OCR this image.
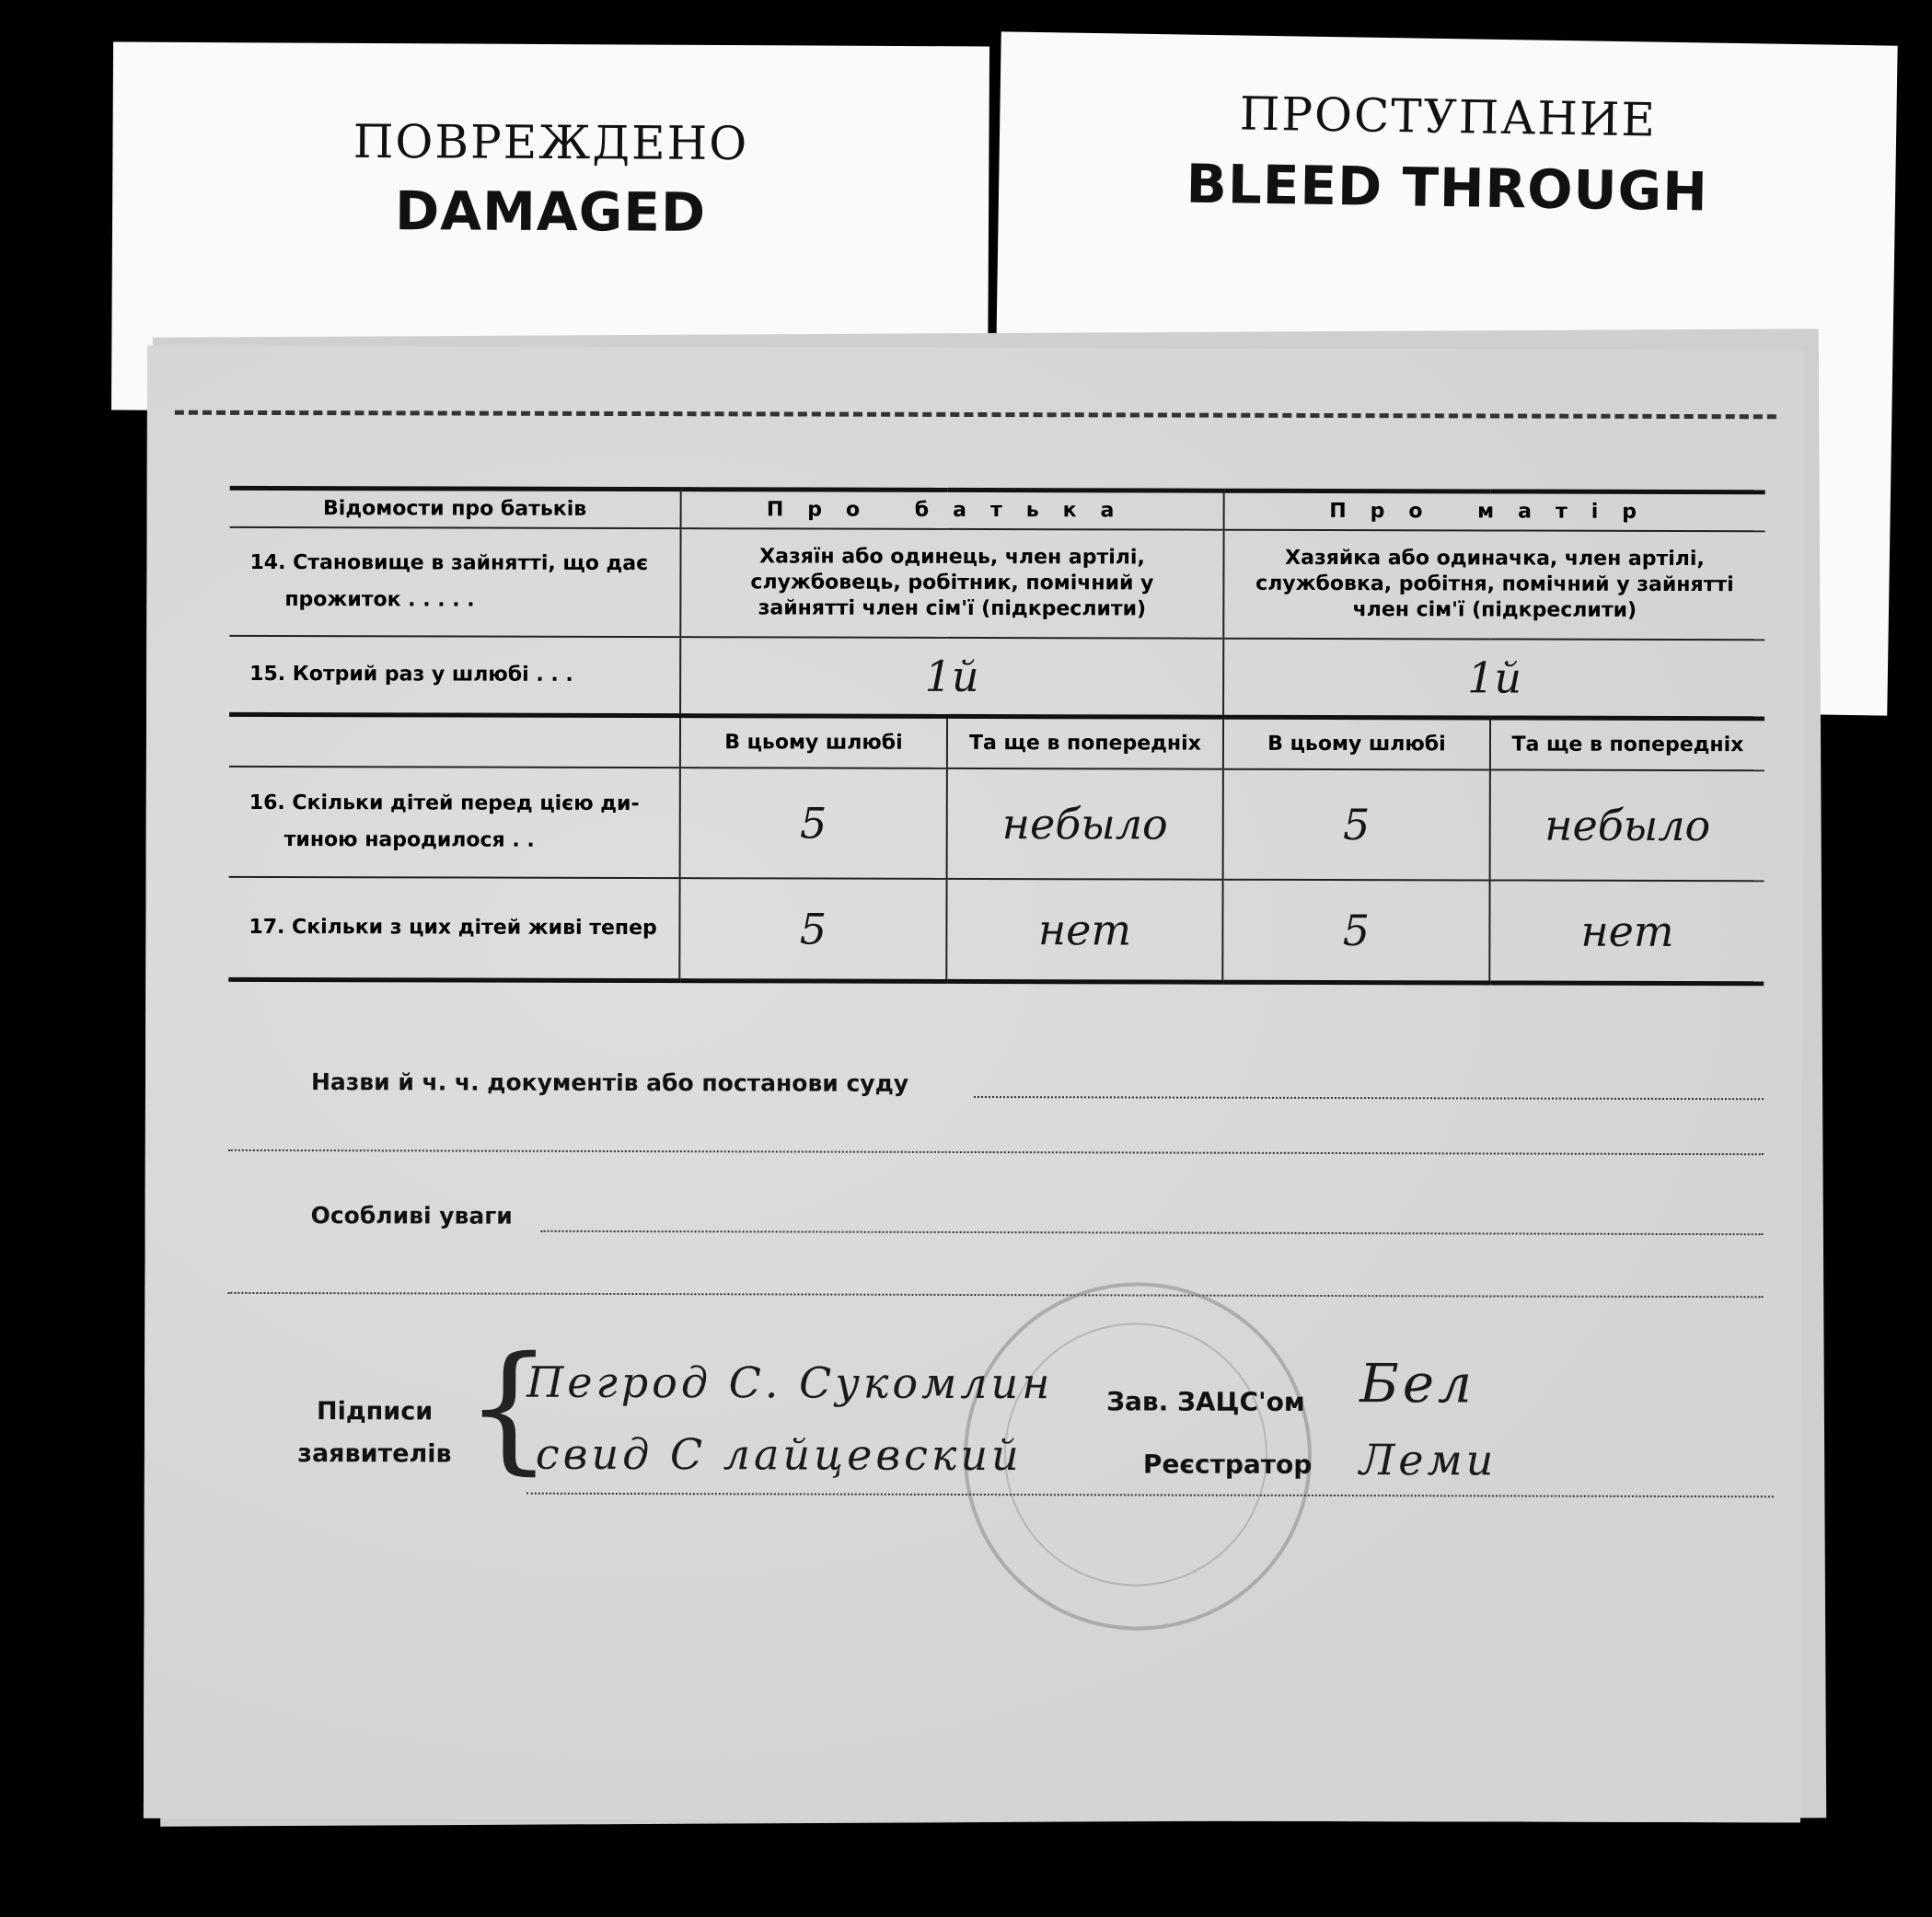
ПОВРЕЖДЕНО
DAMAGED
ПРОСТУПАНИЕ
BLEED THROUGH
Відомости про батьків	Про батька		Про матір	

14. Становище в зайнятті, що дає
прожиток . . . . .	Хазяїн або одинець, член артілі, службовець, робітник, помічний у зайнятті член сім'ї (підкреслити)		Хазяйка або одиначка, член артілі, службовка, робітня, помічний у зайнятті член сім'ї (підкреслити)	
15. Котрий раз у шлюбі . . .	1й		1й	
	В цьому шлюбі	Та ще в попередніх	В цьому шлюбі	Та ще в попередніх

16. Скільки дітей перед цією ди-
тиною народилося . .	5	небыло	5	небыло
17. Скільки з цих дітей живі тепер	5	нет	5	нет
Назви й ч. ч. документів або постанови суду
Особливі уваги
Підписи
заявителів {
Пегрод С. Сукомлин
свид С лайцевский
Зав. ЗАЦС'ом
Реєстратор
Бел
Леми
